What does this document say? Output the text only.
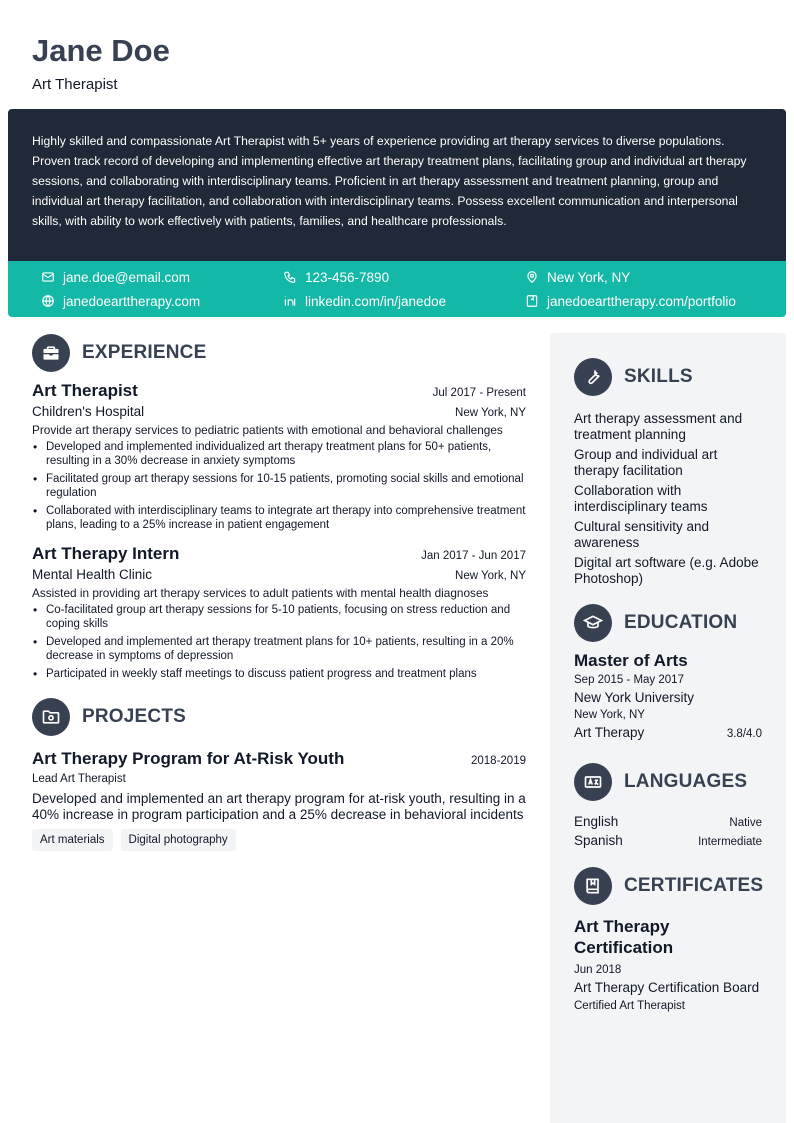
Jane Doe
Art Therapist

Highly skilled and compassionate Art Therapist with 5+ years of experience providing art therapy services to diverse populations. Proven track record of developing and implementing effective art therapy treatment plans, facilitating group and individual art therapy sessions, and collaborating with interdisciplinary teams. Proficient in art therapy assessment and treatment planning, group and individual art therapy facilitation, and collaboration with interdisciplinary teams. Possess excellent communication and interpersonal skills, with ability to work effectively with patients, families, and healthcare professionals.

jane.doe@email.com	123-456-7890	New York, NY
janedoearttherapy.com	linkedin.com/in/janedoe	janedoearttherapy.com/portfolio
EXPERIENCE
Art Therapist	Jul 2017 - Present
Children's Hospital	New York, NY
Provide art therapy services to pediatric patients with emotional and behavioral challenges
• Developed and implemented individualized art therapy treatment plans for 50+ patients, resulting in a 30% decrease in anxiety symptoms
• Facilitated group art therapy sessions for 10-15 patients, promoting social skills and emotional regulation
• Collaborated with interdisciplinary teams to integrate art therapy into comprehensive treatment plans, leading to a 25% increase in patient engagement
Art Therapy Intern	Jan 2017 - Jun 2017
Mental Health Clinic	New York, NY
Assisted in providing art therapy services to adult patients with mental health diagnoses
• Co-facilitated group art therapy sessions for 5-10 patients, focusing on stress reduction and coping skills
• Developed and implemented art therapy treatment plans for 10+ patients, resulting in a 20% decrease in symptoms of depression
• Participated in weekly staff meetings to discuss patient progress and treatment plans
PROJECTS
Art Therapy Program for At-Risk Youth	2018-2019
Lead Art Therapist
Developed and implemented an art therapy program for at-risk youth, resulting in a 40% increase in program participation and a 25% decrease in behavioral incidents
Art materials	Digital photography
SKILLS
Art therapy assessment and treatment planning
Group and individual art therapy facilitation
Collaboration with interdisciplinary teams
Cultural sensitivity and awareness
Digital art software (e.g. Adobe Photoshop)
EDUCATION
Master of Arts
Sep 2015 - May 2017
New York University
New York, NY
Art Therapy	3.8/4.0
LANGUAGES
English	Native
Spanish	Intermediate
CERTIFICATES
Art Therapy Certification
Jun 2018
Art Therapy Certification Board
Certified Art Therapist
